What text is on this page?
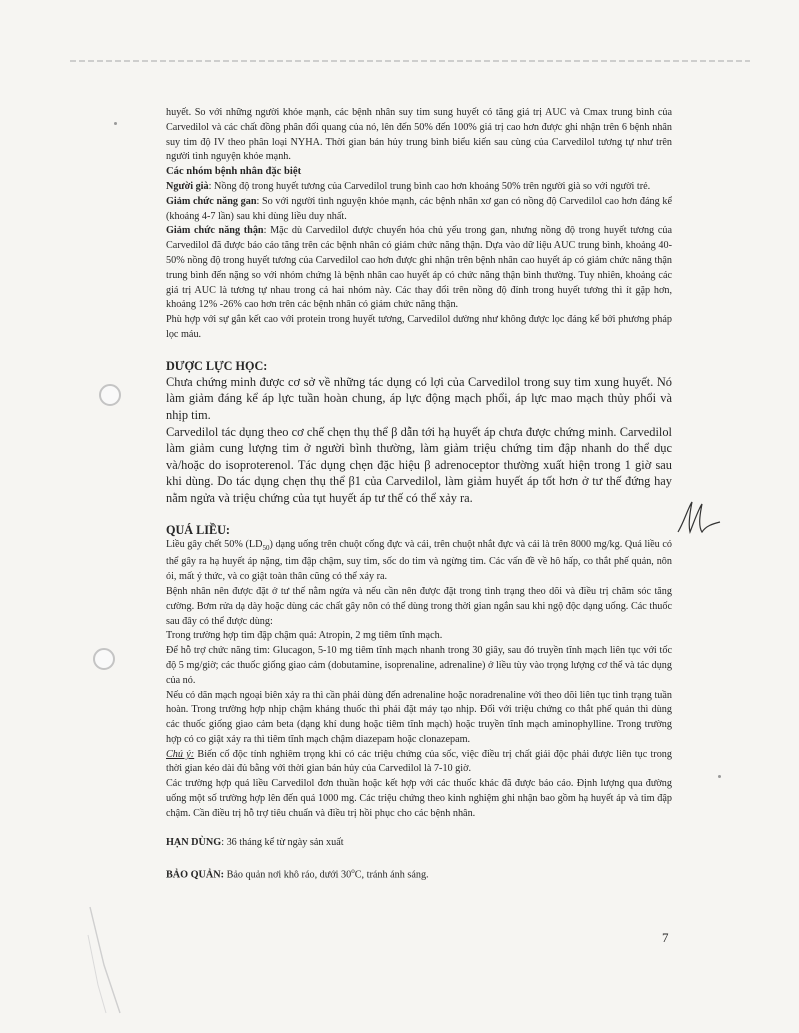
huyết. So với những người khỏe mạnh, các bệnh nhân suy tim sung huyết có tăng giá trị AUC và Cmax trung bình của Carvedilol và các chất đồng phân đối quang của nó, lên đến 50% đến 100% giá trị cao hơn được ghi nhận trên 6 bệnh nhân suy tim độ IV theo phân loại NYHA. Thời gian bán hủy trung bình biểu kiến sau cùng của Carvedilol tương tự như trên người tình nguyện khỏe mạnh.

Các nhóm bệnh nhân đặc biệt

Người già: Nồng độ trong huyết tương của Carvedilol trung bình cao hơn khoảng 50% trên người già so với người trẻ.

Giảm chức năng gan: So với người tình nguyện khỏe mạnh, các bệnh nhân xơ gan có nồng độ Carvedilol cao hơn đáng kể (khoảng 4-7 lần) sau khi dùng liều duy nhất.

Giảm chức năng thận: Mặc dù Carvedilol được chuyển hóa chủ yếu trong gan, nhưng nồng độ trong huyết tương của Carvedilol đã được báo cáo tăng trên các bệnh nhân có giảm chức năng thận. Dựa vào dữ liệu AUC trung bình, khoảng 40-50% nồng độ trong huyết tương của Carvedilol cao hơn được ghi nhận trên bệnh nhân cao huyết áp có giảm chức năng thận trung bình đến nặng so với nhóm chứng là bệnh nhân cao huyết áp có chức năng thận bình thường. Tuy nhiên, khoảng các giá trị AUC là tương tự nhau trong cả hai nhóm này. Các thay đổi trên nồng độ đỉnh trong huyết tương thì ít gặp hơn, khoảng 12% -26% cao hơn trên các bệnh nhân có giảm chức năng thận.

Phù hợp với sự gắn kết cao với protein trong huyết tương, Carvedilol dường như không được lọc đáng kể bởi phương pháp lọc máu.

DƯỢC LỰC HỌC:

Chưa chứng minh được cơ sở về những tác dụng có lợi của Carvedilol trong suy tim xung huyết. Nó làm giảm đáng kể áp lực tuần hoàn chung, áp lực động mạch phổi, áp lực mao mạch thủy phổi và nhịp tim.

Carvedilol tác dụng theo cơ chế chẹn thụ thể β dẫn tới hạ huyết áp chưa được chứng minh. Carvedilol làm giảm cung lượng tim ở người bình thường, làm giảm triệu chứng tim đập nhanh do thể dục và/hoặc do isoproterenol. Tác dụng chẹn đặc hiệu β adrenoceptor thường xuất hiện trong 1 giờ sau khi dùng. Do tác dụng chẹn thụ thể β1 của Carvedilol, làm giảm huyết áp tốt hơn ở tư thế đứng hay nằm ngửa và triệu chứng của tụt huyết áp tư thế có thể xảy ra.

QUÁ LIỀU:

Liều gây chết 50% $(LD_{50})$ dạng uống trên chuột cống đực và cái, trên chuột nhắt đực và cái là trên 8000 mg/kg. Quá liều có thể gây ra hạ huyết áp nặng, tim đập chậm, suy tim, sốc do tim và ngừng tim. Các vấn đề về hô hấp, co thắt phế quản, nôn ói, mất ý thức, và co giật toàn thân cũng có thể xảy ra.

Bệnh nhân nên được đặt ở tư thế nằm ngửa và nếu cần nên được đặt trong tình trạng theo dõi và điều trị chăm sóc tăng cường. Bơm rửa dạ dày hoặc dùng các chất gây nôn có thể dùng trong thời gian ngắn sau khi ngộ độc dạng uống. Các thuốc sau đây có thể được dùng:

Trong trường hợp tim đập chậm quá: Atropin, 2 mg tiêm tĩnh mạch.

Để hỗ trợ chức năng tim: Glucagon, 5-10 mg tiêm tĩnh mạch nhanh trong 30 giây, sau đó truyền tĩnh mạch liên tục với tốc độ 5 mg/giờ; các thuốc giống giao cảm (dobutamine, isoprenaline, adrenaline) ở liều tùy vào trọng lượng cơ thể và tác dụng của nó.

Nếu có dãn mạch ngoại biên xảy ra thì cần phải dùng đến adrenaline hoặc noradrenaline với theo dõi liên tục tình trạng tuần hoàn. Trong trường hợp nhịp chậm kháng thuốc thì phải đặt máy tạo nhịp. Đối với triệu chứng co thắt phế quản thì dùng các thuốc giống giao cảm beta (dạng khí dung hoặc tiêm tĩnh mạch) hoặc truyền tĩnh mạch aminophylline. Trong trường hợp có co giật xảy ra thì tiêm tĩnh mạch chậm diazepam hoặc clonazepam.

Chú ý: Biến cố độc tính nghiêm trọng khi có các triệu chứng của sốc, việc điều trị chất giải độc phải được liên tục trong thời gian kéo dài đủ bằng với thời gian bán hủy của Carvedilol là 7-10 giờ.

Các trường hợp quá liều Carvedilol đơn thuần hoặc kết hợp với các thuốc khác đã được báo cáo. Định lượng qua đường uống một số trường hợp lên đến quá 1000 mg. Các triệu chứng theo kinh nghiệm ghi nhận bao gồm hạ huyết áp và tim đập chậm. Cần điều trị hỗ trợ tiêu chuẩn và điều trị hồi phục cho các bệnh nhân.

HẠN DÙNG: 36 tháng kể từ ngày sản xuất

BẢO QUẢN: Bảo quản nơi khô ráo, dưới 30$^o$C, tránh ánh sáng.

7
